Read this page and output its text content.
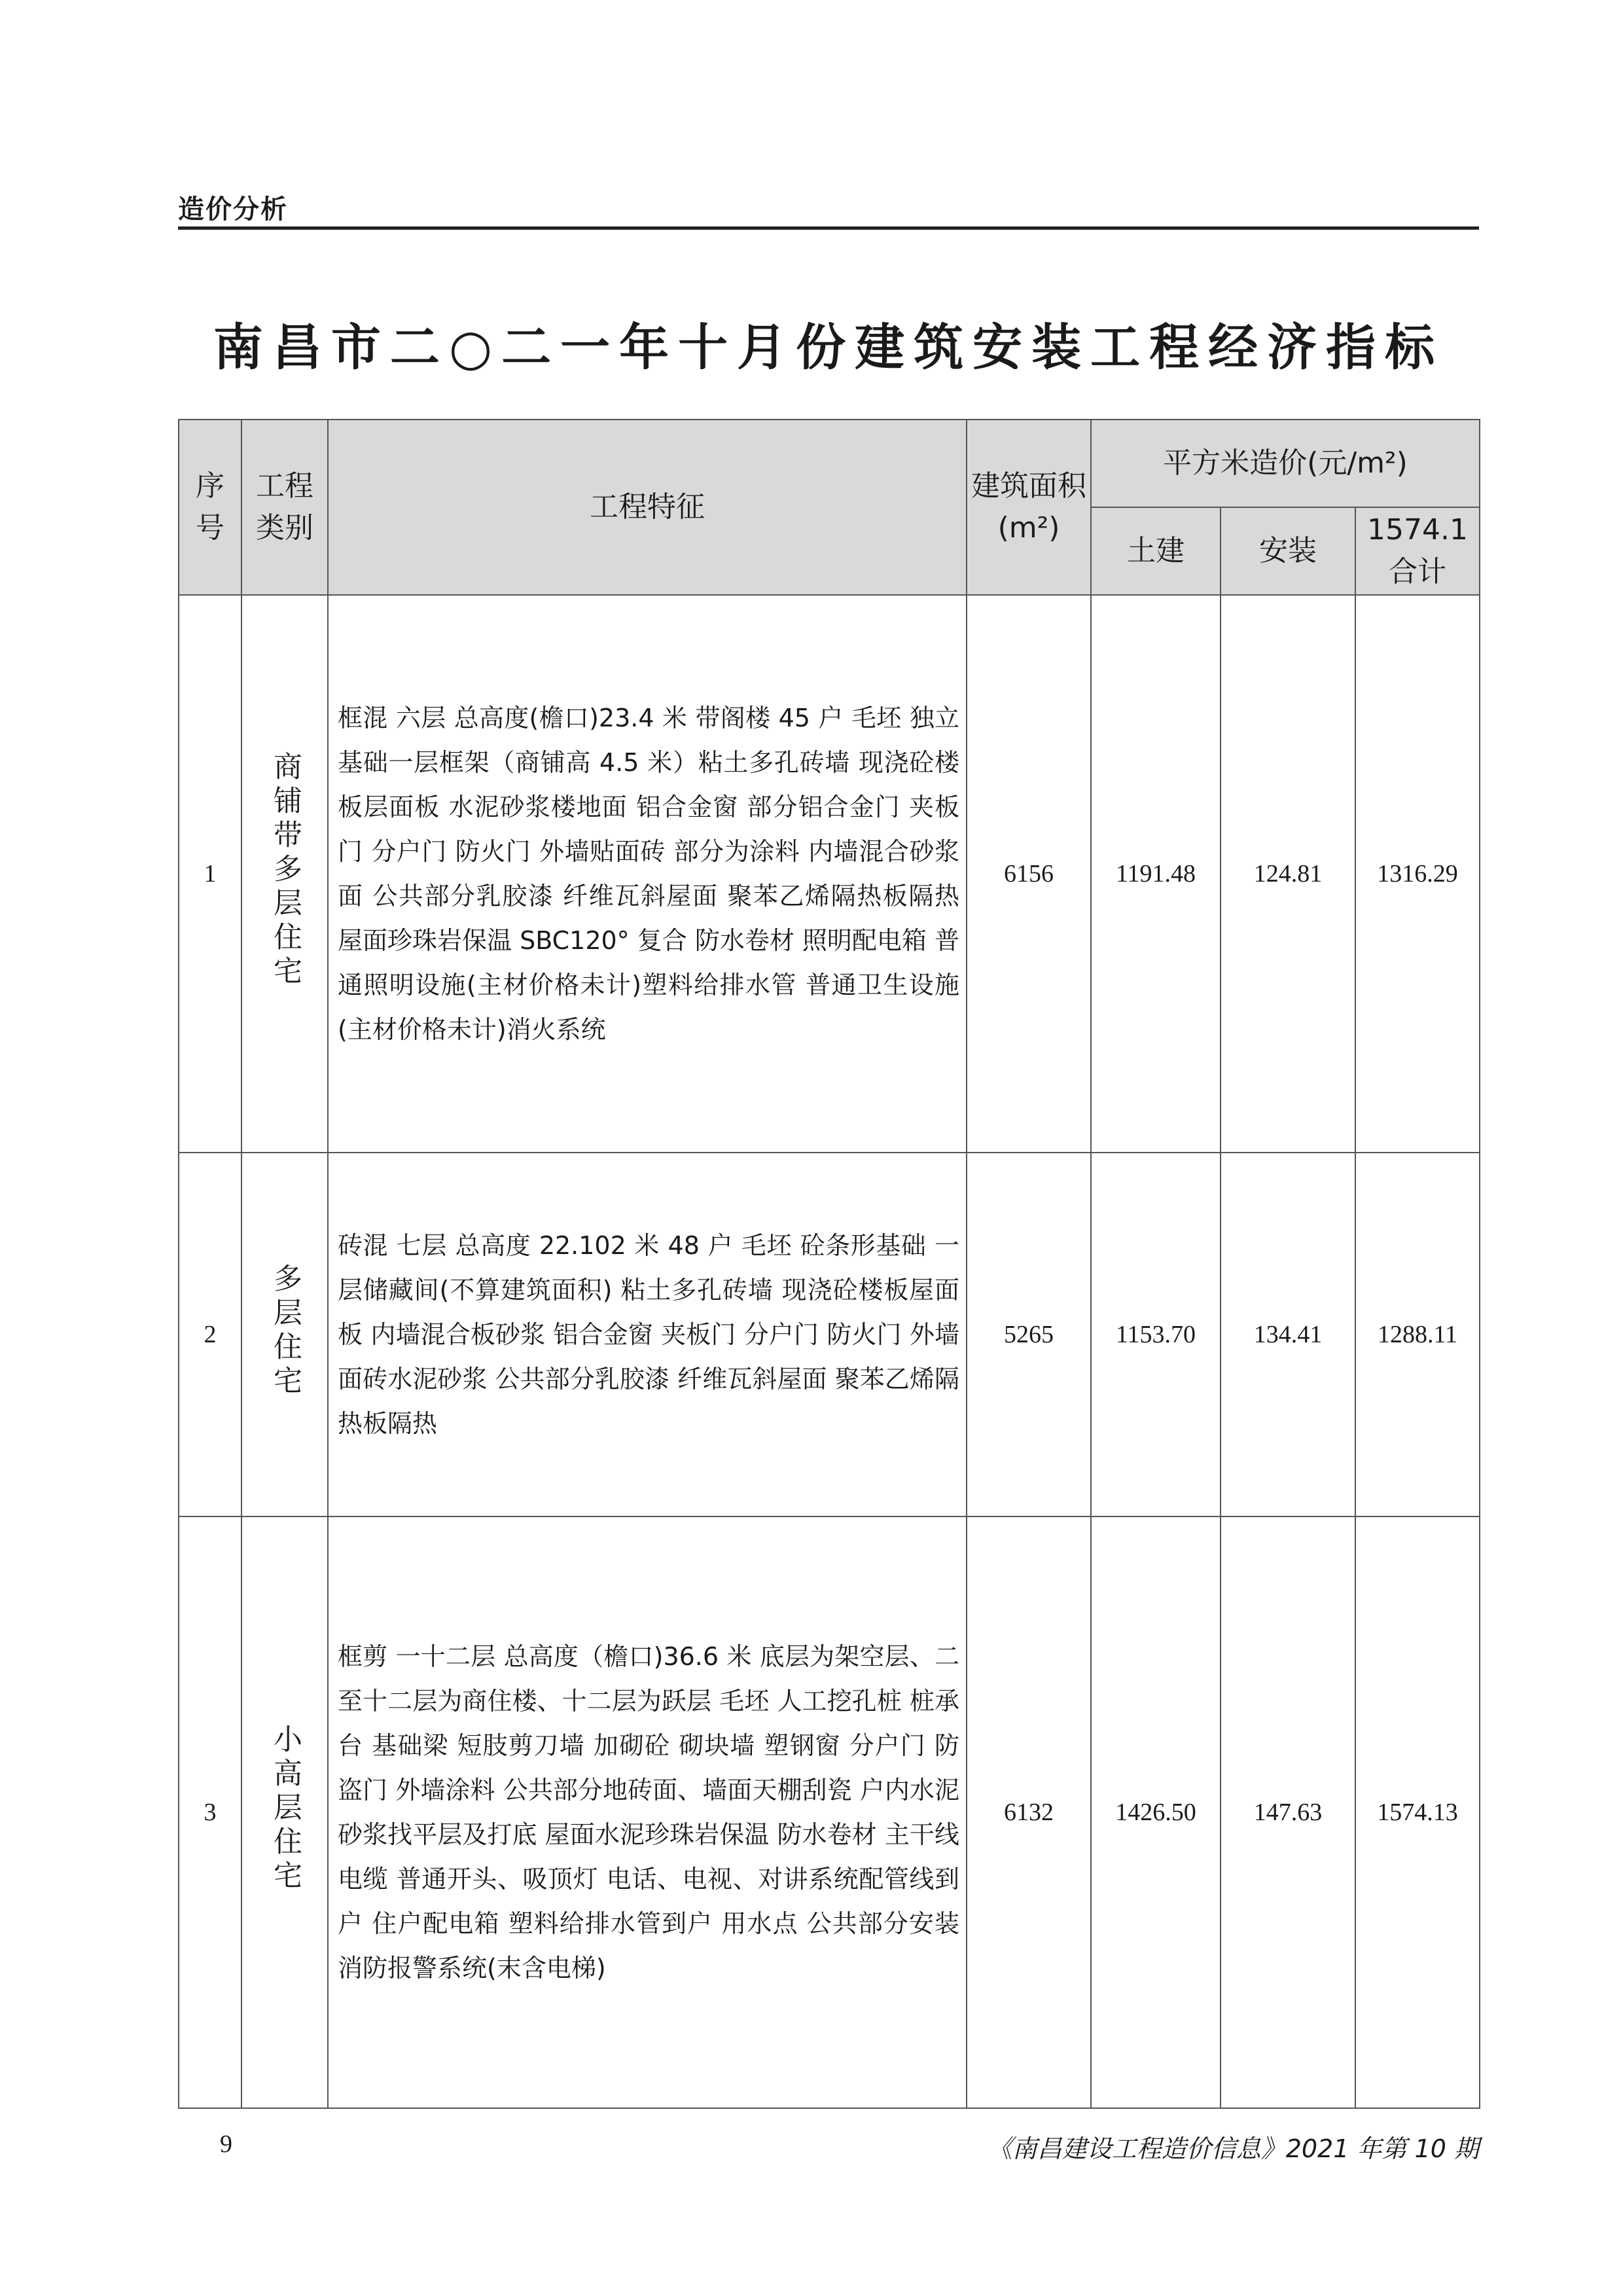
造价分析
南昌市二○二一年十月份建筑安装工程经济指标
序号	工程类别	工程特征	建筑面积(m²)	平方米造价(元/m²)		
				土建	安装	1574.1 合计
1	商铺带多层住宅	框混 六层 总高度(檐口)23.4 米 带阁楼 45 户 毛坯 独立基础一层框架（商铺高 4.5 米）粘土多孔砖墙 现浇砼楼板层面板 水泥砂浆楼地面 铝合金窗 部分铝合金门 夹板门 分户门 防火门 外墙贴面砖 部分为涂料 内墙混合砂浆面 公共部分乳胶漆 纤维瓦斜屋面 聚苯乙烯隔热板隔热 屋面珍珠岩保温 SBC120° 复合 防水卷材 照明配电箱 普通照明设施(主材价格未计)塑料给排水管 普通卫生设施(主材价格未计)消火系统	6156	1191.48	124.81	1316.29
2	多层住宅	砖混 七层 总高度 22.102 米 48 户 毛坯 砼条形基础 一层储藏间(不算建筑面积) 粘土多孔砖墙 现浇砼楼板屋面板 内墙混合板砂浆 铝合金窗 夹板门 分户门 防火门 外墙面砖水泥砂浆 公共部分乳胶漆 纤维瓦斜屋面 聚苯乙烯隔热板隔热	5265	1153.70	134.41	1288.11
3	小高层住宅	框剪 一十二层 总高度（檐口)36.6 米 底层为架空层、二至十二层为商住楼、十二层为跃层 毛坯 人工挖孔桩 桩承台 基础梁 短肢剪刀墙 加砌砼 砌块墙 塑钢窗 分户门 防盗门 外墙涂料 公共部分地砖面、墙面天棚刮瓷 户内水泥砂浆找平层及打底 屋面水泥珍珠岩保温 防水卷材 主干线电缆 普通开头、吸顶灯 电话、电视、对讲系统配管线到户 住户配电箱 塑料给排水管到户 用水点 公共部分安装消防报警系统(末含电梯)	6132	1426.50	147.63	1574.13
9	《南昌建设工程造价信息》2021 年第 10 期
